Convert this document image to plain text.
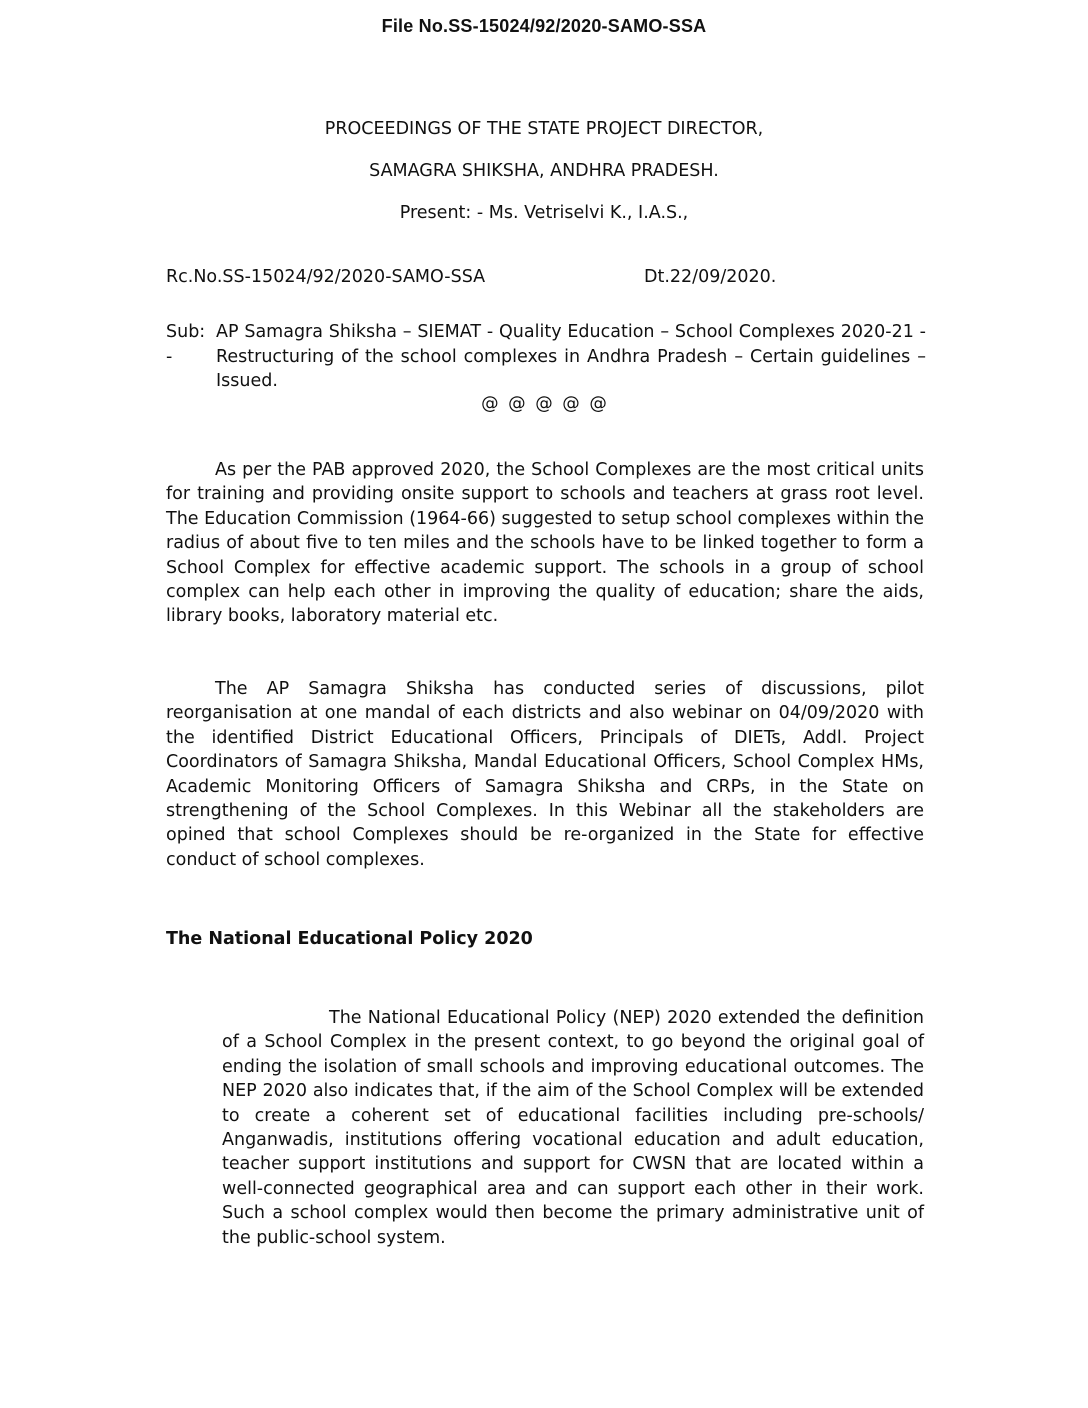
File No.SS-15024/92/2020-SAMO-SSA
PROCEEDINGS OF THE STATE PROJECT DIRECTOR,
SAMAGRA SHIKSHA, ANDHRA PRADESH.
Present: - Ms. Vetriselvi K., I.A.S.,
Rc.No.SS-15024/92/2020-SAMO-SSA	Dt.22/09/2020.
Sub:
-
AP Samagra Shiksha – SIEMAT - Quality Education – School Complexes 2020-21 - Restructuring of the school complexes in Andhra Pradesh – Certain guidelines – Issued.
@ @ @ @ @

As per the PAB approved 2020, the School Complexes are the most critical units for training and providing onsite support to schools and teachers at grass root level. The Education Commission (1964-66) suggested to setup school complexes within the radius of about five to ten miles and the schools have to be linked together to form a School Complex for effective academic support. The schools in a group of school complex can help each other in improving the quality of education; share the aids, library books, laboratory material etc.

The AP Samagra Shiksha has conducted series of discussions, pilot reorganisation at one mandal of each districts and also webinar on 04/09/2020 with the identified District Educational Officers, Principals of DIETs, Addl. Project Coordinators of Samagra Shiksha, Mandal Educational Officers, School Complex HMs, Academic Monitoring Officers of Samagra Shiksha and CRPs, in the State on strengthening of the School Complexes. In this Webinar all the stakeholders are opined that school Complexes should be re-organized in the State for effective conduct of school complexes.

The National Educational Policy 2020

The National Educational Policy (NEP) 2020 extended the definition of a School Complex in the present context, to go beyond the original goal of ending the isolation of small schools and improving educational outcomes. The NEP 2020 also indicates that, if the aim of the School Complex will be extended to create a coherent set of educational facilities including pre-schools/ Anganwadis, institutions offering vocational education and adult education, teacher support institutions and support for CWSN that are located within a well-connected geographical area and can support each other in their work. Such a school complex would then become the primary administrative unit of the public-school system.
